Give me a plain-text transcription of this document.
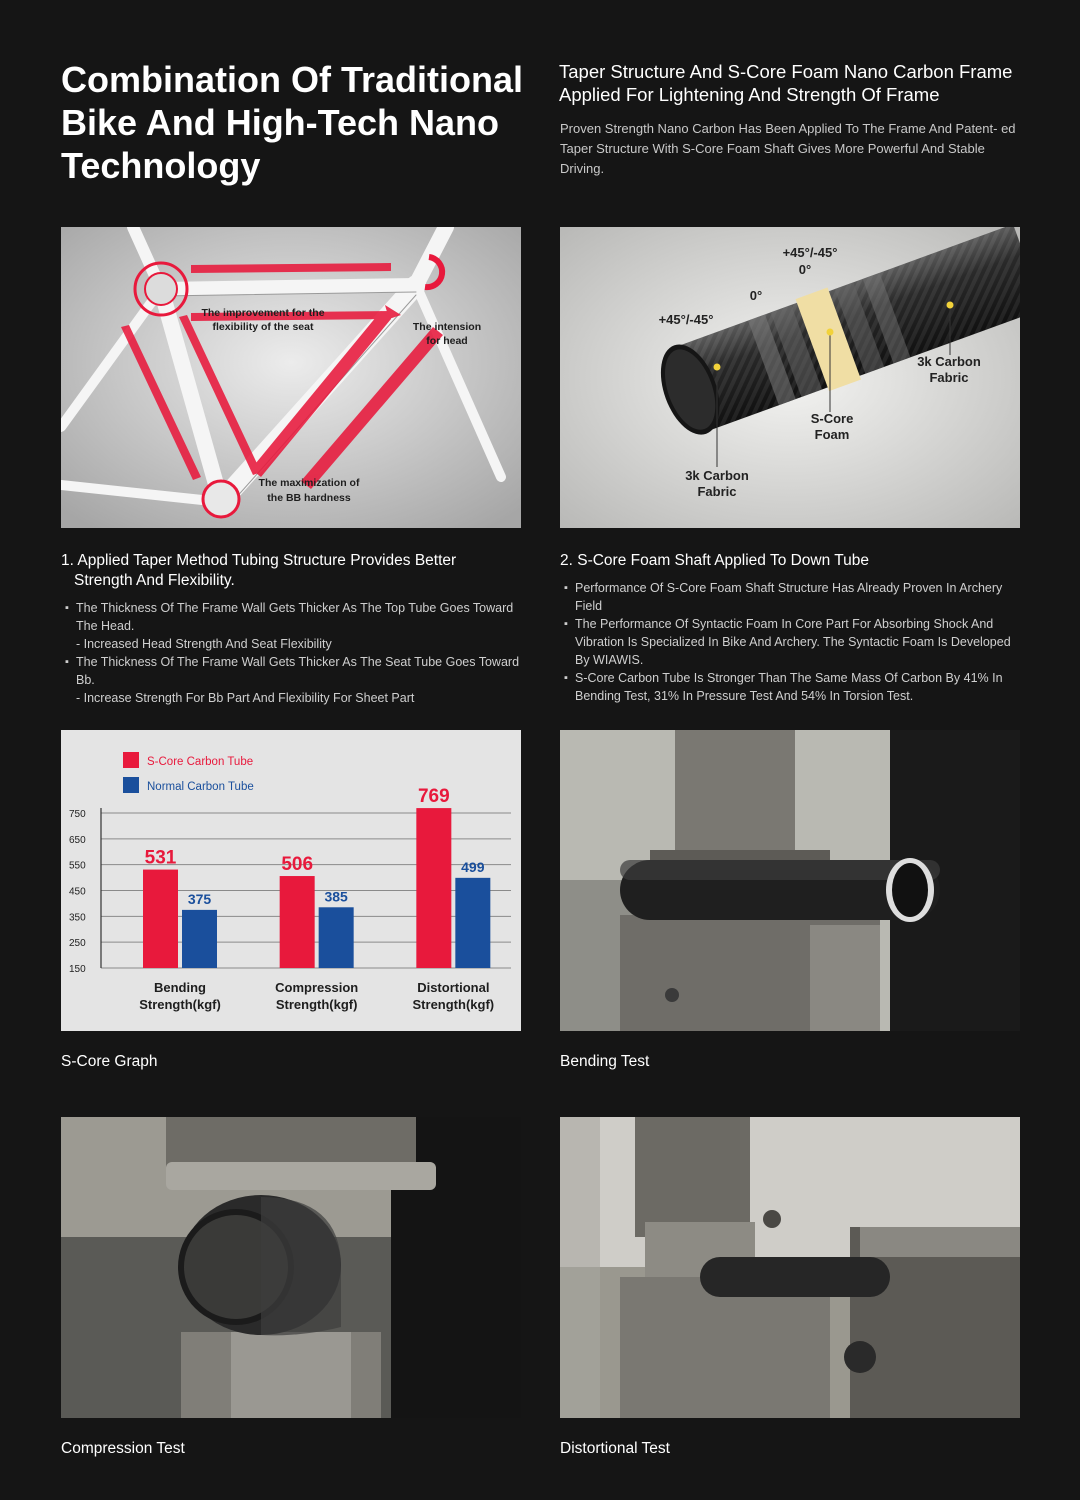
Combination Of Traditional Bike And High-Tech Nano Technology
Taper Structure And S-Core Foam Nano Carbon Frame Applied For Lightening And Strength Of Frame

Proven Strength Nano Carbon Has Been Applied To The Frame And Patent- ed Taper Structure With S-Core Foam Shaft Gives More Powerful And Stable Driving.

The improvement for the
flexibility of the seat	The intension
for head
The maximization of
the BB hardness
+45°/-45°
0°
0°
+45°/-45°
3k Carbon
Fabric
S-Core
Foam
3k Carbon
Fabric

1. Applied Taper Method Tubing Structure Provides Better

Strength And Flexibility.

▪ The Thickness Of The Frame Wall Gets Thicker As The Top Tube Goes Toward The Head.
- Increased Head Strength And Seat Flexibility
▪ The Thickness Of The Frame Wall Gets Thicker As The Seat Tube Goes Toward Bb.
- Increase Strength For Bb Part And Flexibility For Sheet Part

2. S-Core Foam Shaft Applied To Down Tube

▪ Performance Of S-Core Foam Shaft Structure Has Already Proven In Archery Field
▪ The Performance Of Syntactic Foam In Core Part For Absorbing Shock And Vibration Is Specialized In Bike And Archery. The Syntactic Foam Is Developed By WIAWIS.
▪ S-Core Carbon Tube Is Stronger Than The Same Mass Of Carbon By 41% In Bending Test, 31% In Pressure Test And 54% In Torsion Test.
S-Core Carbon Tube
Normal Carbon Tube
150
250
350
450
550
650
750
531
375
Bending
Strength(kgf)
506
385
Compression
Strength(kgf)
769
499
Distortional
Strength(kgf)

S-Core Graph	Bending Test

Compression Test	Distortional Test
